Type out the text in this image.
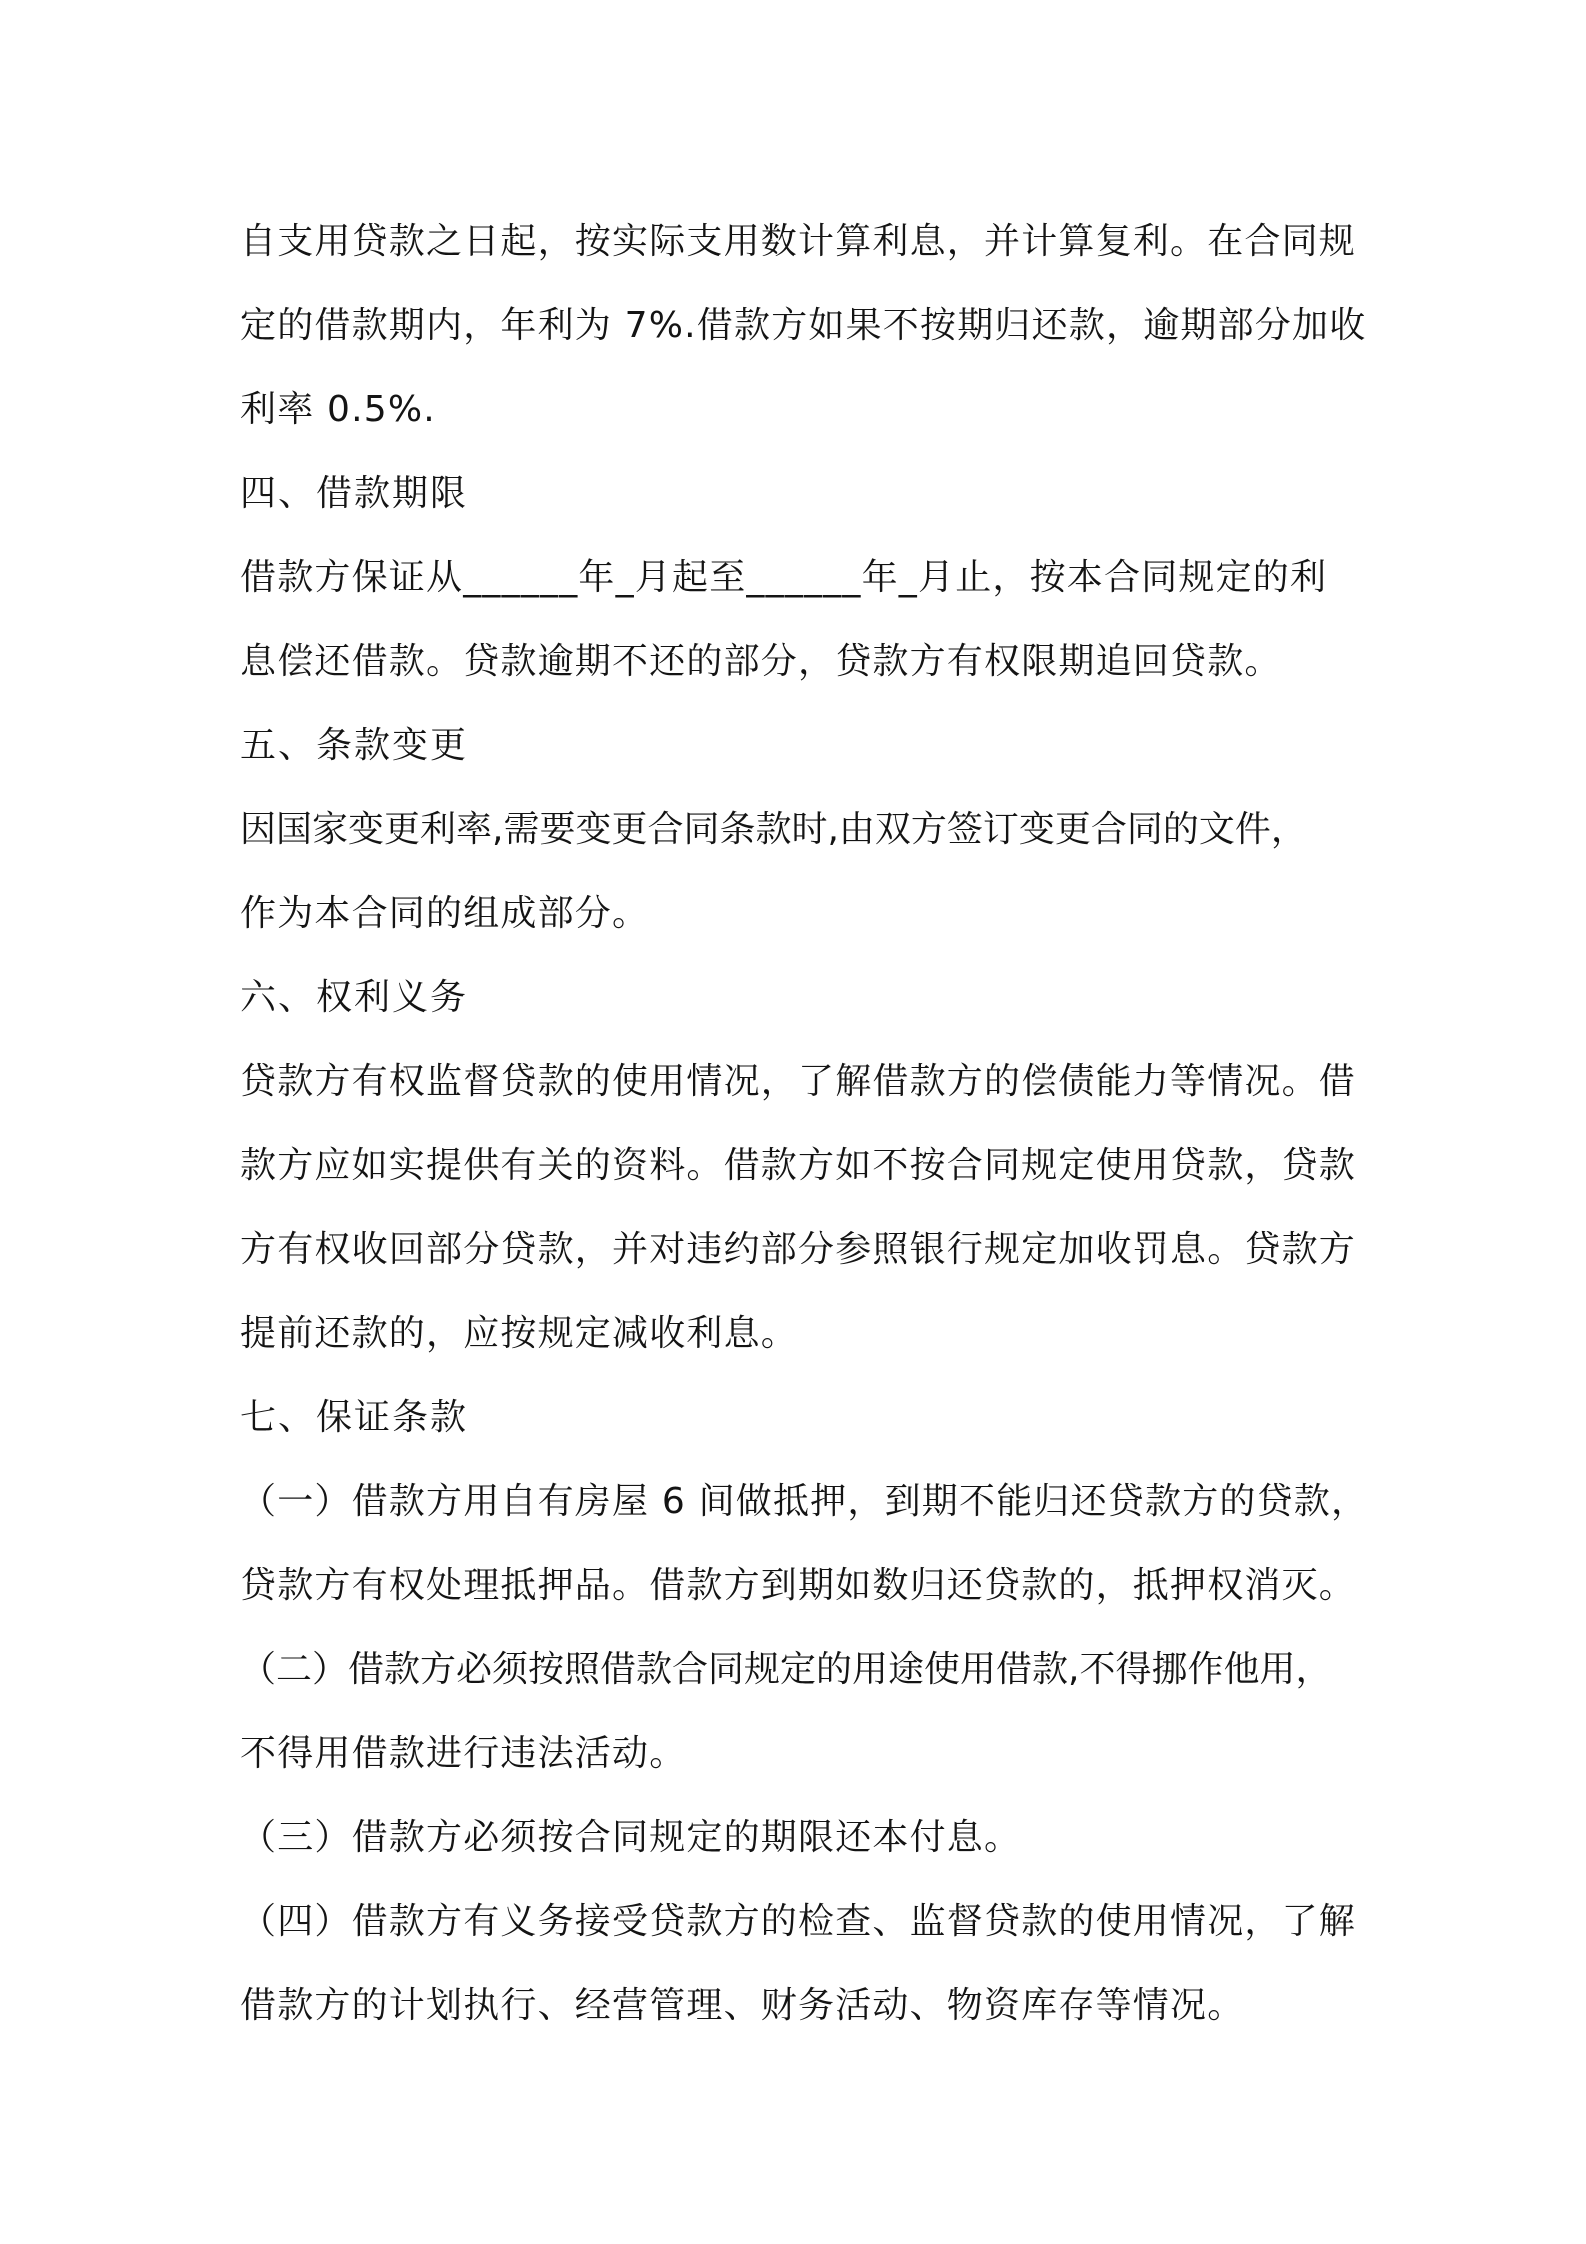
自支用贷款之日起，按实际支用数计算利息，并计算复利。在合同规
定的借款期内，年利为 7%.借款方如果不按期归还款，逾期部分加收
利率 0.5%.
四、借款期限
借款方保证从______年_月起至______年_月止，按本合同规定的利
息偿还借款。贷款逾期不还的部分，贷款方有权限期追回贷款。
五、条款变更
因国家变更利率,需要变更合同条款时,由双方签订变更合同的文件，
作为本合同的组成部分。
六、权利义务
贷款方有权监督贷款的使用情况，了解借款方的偿债能力等情况。借
款方应如实提供有关的资料。借款方如不按合同规定使用贷款，贷款
方有权收回部分贷款，并对违约部分参照银行规定加收罚息。贷款方
提前还款的，应按规定减收利息。
七、保证条款
（一）借款方用自有房屋 6 间做抵押，到期不能归还贷款方的贷款，
贷款方有权处理抵押品。借款方到期如数归还贷款的，抵押权消灭。
（二）借款方必须按照借款合同规定的用途使用借款,不得挪作他用，
不得用借款进行违法活动。
（三）借款方必须按合同规定的期限还本付息。
（四）借款方有义务接受贷款方的检查、监督贷款的使用情况，了解
借款方的计划执行、经营管理、财务活动、物资库存等情况。
